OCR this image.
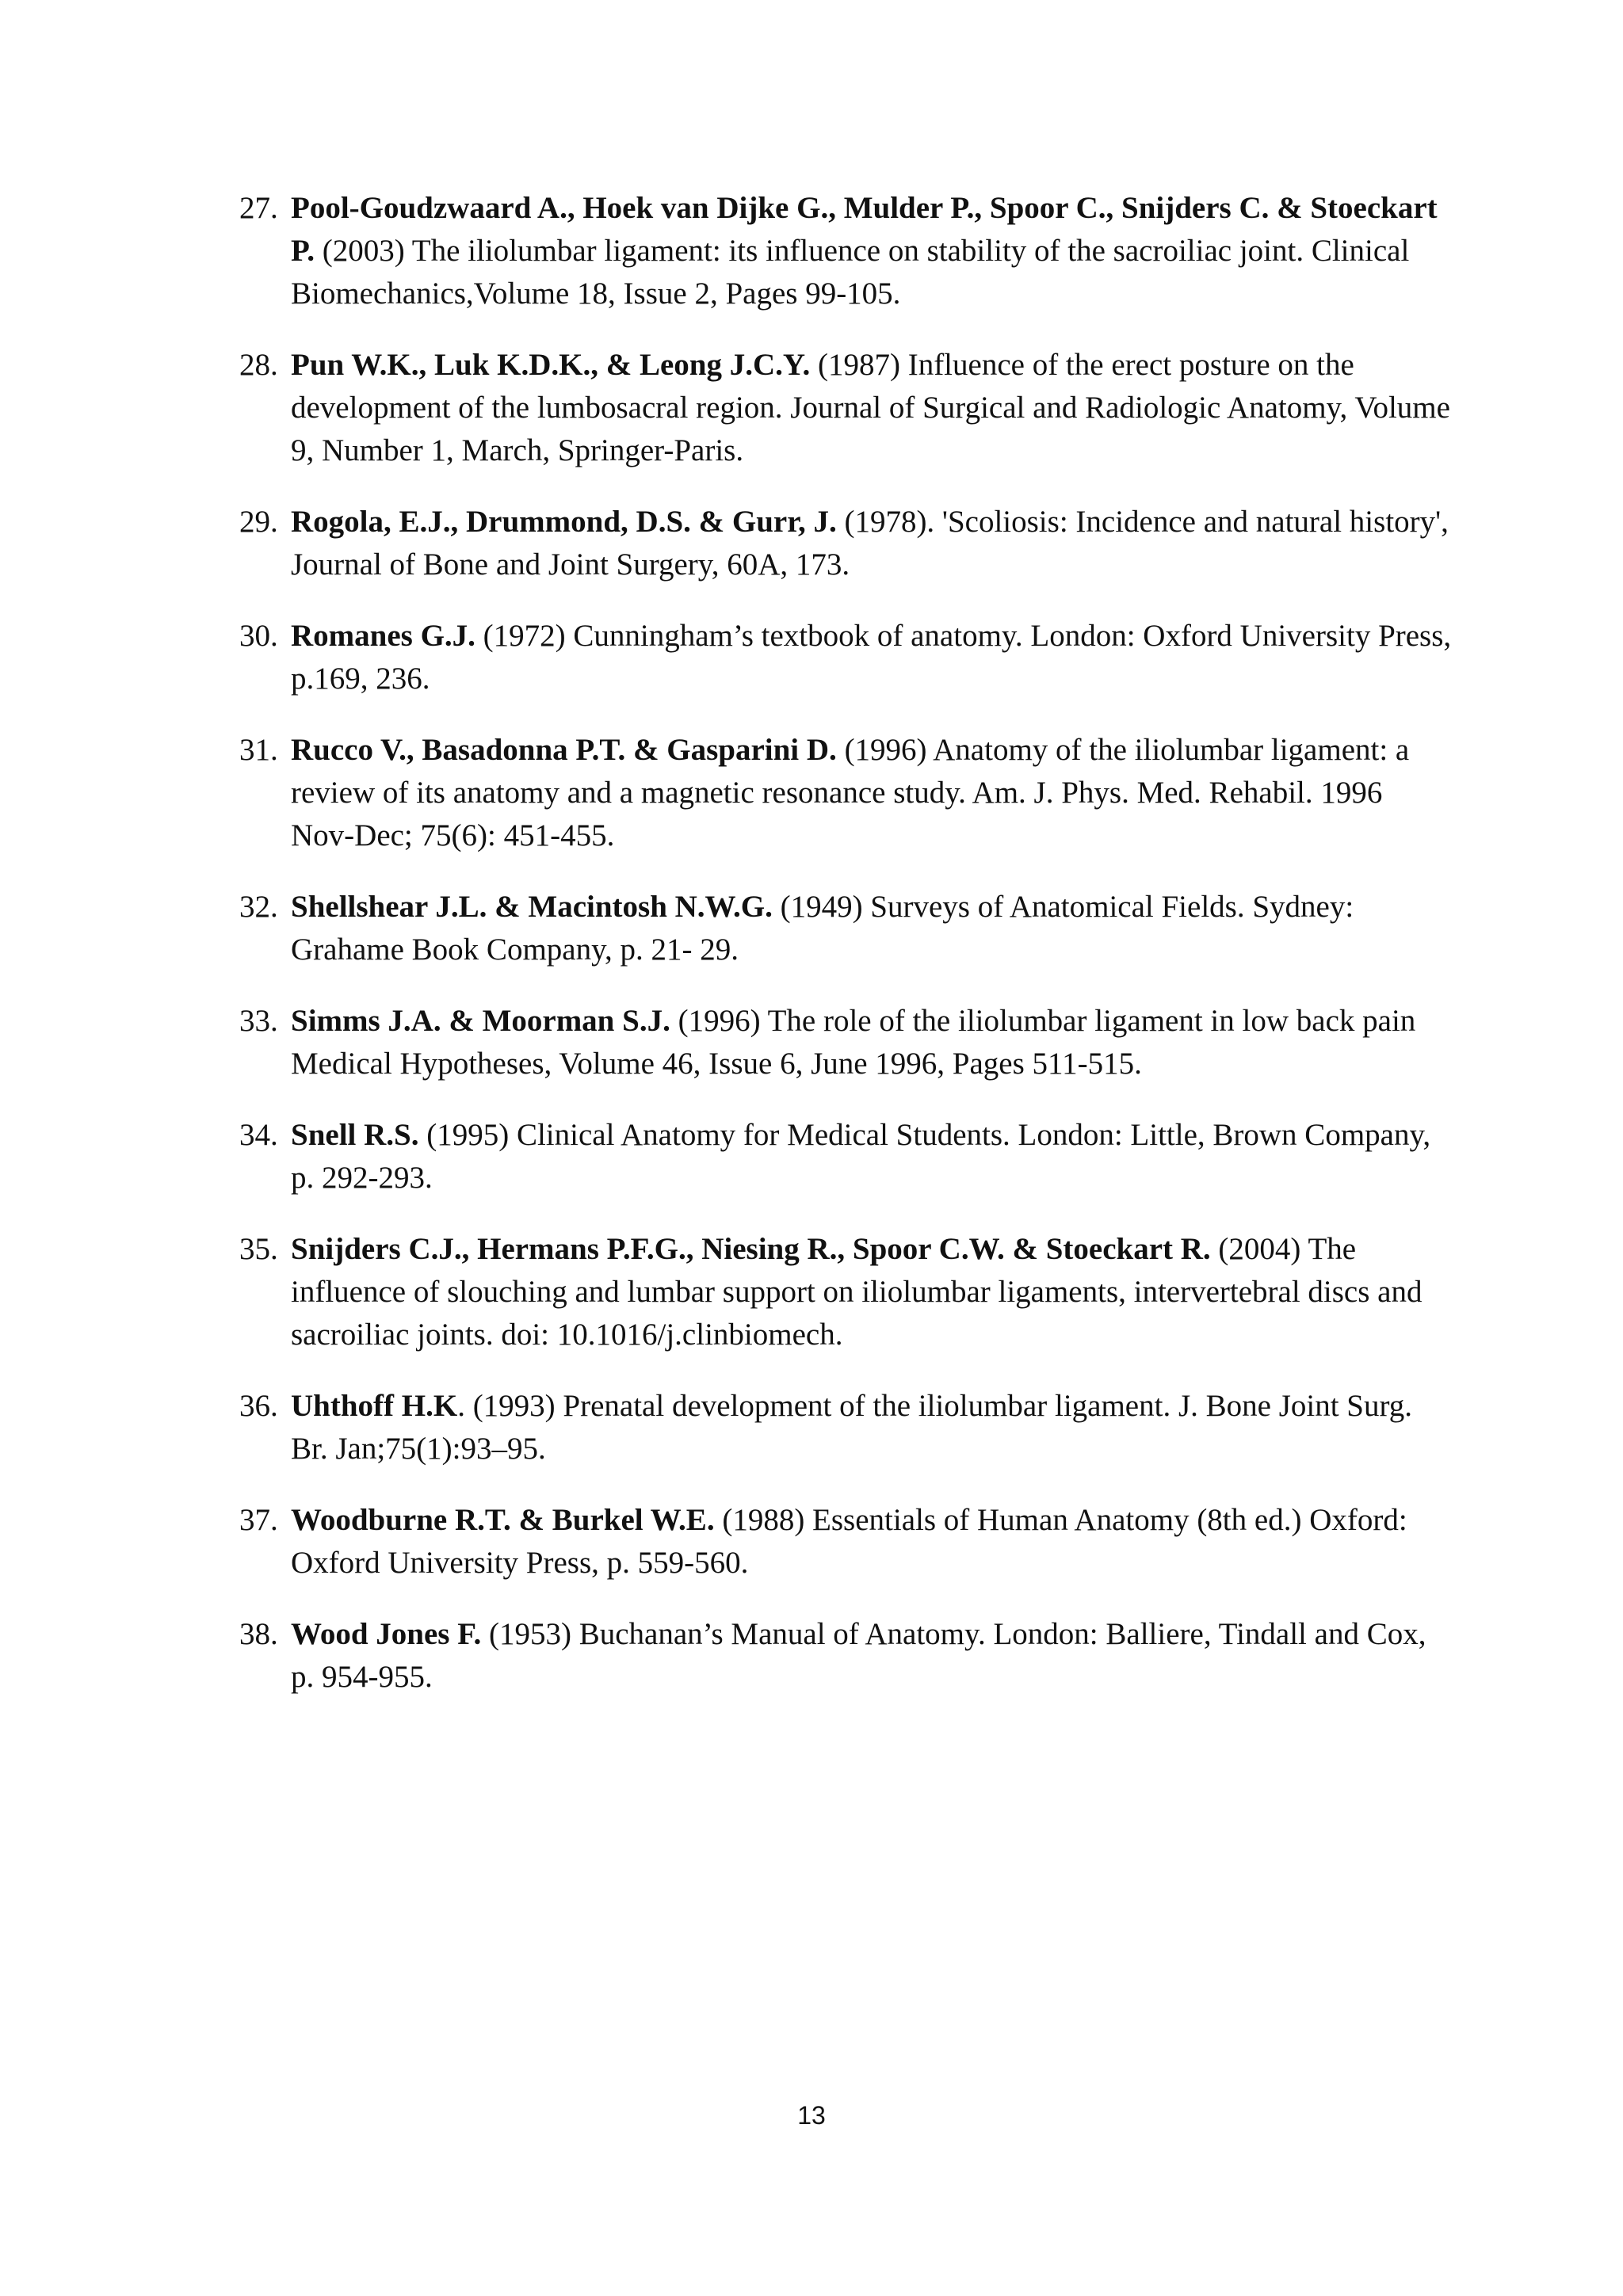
27. Pool-Goudzwaard A., Hoek van Dijke G., Mulder P., Spoor C., Snijders C. & Stoeckart P. (2003) The iliolumbar ligament: its influence on stability of the sacroiliac joint. Clinical Biomechanics,Volume 18, Issue 2, Pages 99-105.
28. Pun W.K., Luk K.D.K., & Leong J.C.Y. (1987) Influence of the erect posture on the development of the lumbosacral region. Journal of Surgical and Radiologic Anatomy, Volume 9, Number 1, March, Springer-Paris.
29. Rogola, E.J., Drummond, D.S. & Gurr, J. (1978). 'Scoliosis: Incidence and natural history', Journal of Bone and Joint Surgery, 60A, 173.
30. Romanes G.J. (1972) Cunningham’s textbook of anatomy. London: Oxford University Press, p.169, 236.
31. Rucco V., Basadonna P.T. & Gasparini D. (1996) Anatomy of the iliolumbar ligament: a review of its anatomy and a magnetic resonance study. Am. J. Phys. Med. Rehabil. 1996 Nov-Dec; 75(6): 451-455.
32. Shellshear J.L. & Macintosh N.W.G. (1949) Surveys of Anatomical Fields. Sydney: Grahame Book Company, p. 21- 29.
33. Simms J.A. & Moorman S.J. (1996) The role of the iliolumbar ligament in low back pain Medical Hypotheses, Volume 46, Issue 6, June 1996, Pages 511-515.
34. Snell R.S. (1995) Clinical Anatomy for Medical Students. London: Little, Brown Company, p. 292-293.
35. Snijders C.J., Hermans P.F.G., Niesing R., Spoor C.W. & Stoeckart R. (2004) The influence of slouching and lumbar support on iliolumbar ligaments, intervertebral discs and sacroiliac joints. doi: 10.1016/j.clinbiomech.
36. Uhthoff H.K. (1993) Prenatal development of the iliolumbar ligament. J. Bone Joint Surg. Br. Jan;75(1):93–95.
37. Woodburne R.T. & Burkel W.E. (1988) Essentials of Human Anatomy (8th ed.) Oxford: Oxford University Press, p. 559-560.
38. Wood Jones F. (1953) Buchanan’s Manual of Anatomy. London: Balliere, Tindall and Cox, p. 954-955.
13
